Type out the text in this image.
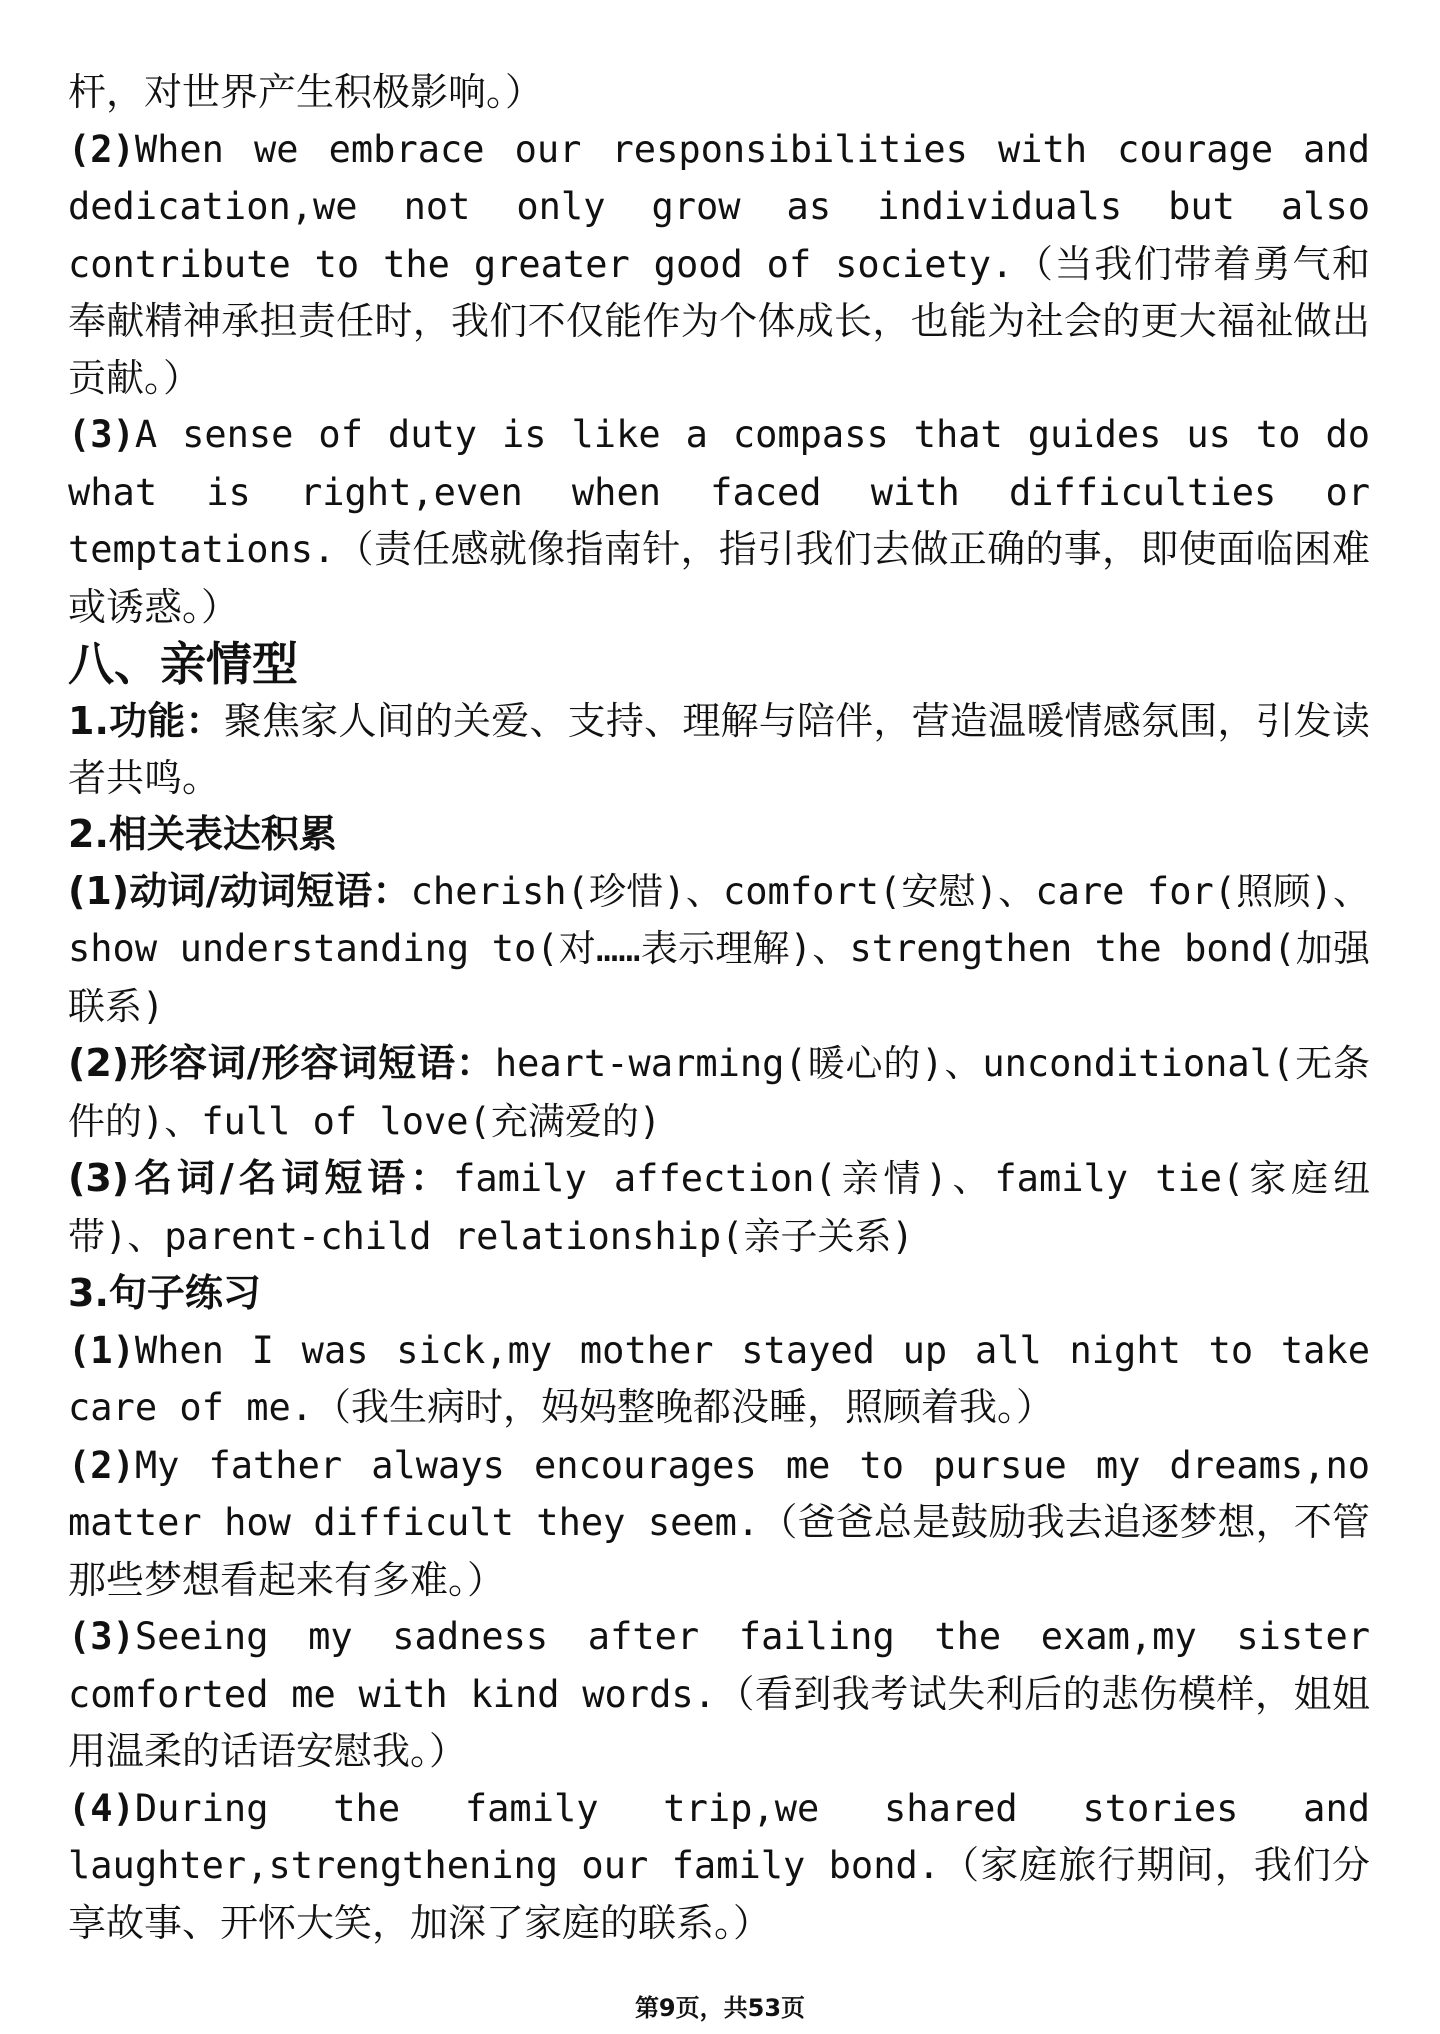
杆，对世界产生积极影响。）

(2)When we embrace our responsibilities with courage and dedication,we not only grow as individuals but also contribute to the greater good of society.（当我们带着勇气和奉献精神承担责任时，我们不仅能作为个体成长，也能为社会的更大福祉做出贡献。）

(3)A sense of duty is like a compass that guides us to do what is right,even when faced with difficulties or temptations.（责任感就像指南针，指引我们去做正确的事，即使面临困难或诱惑。）

八、亲情型

1.功能：聚焦家人间的关爱、支持、理解与陪伴，营造温暖情感氛围，引发读者共鸣。

2.相关表达积累

(1)动词/动词短语：cherish(珍惜)、comfort(安慰)、care for(照顾)、show understanding to(对……表示理解)、strengthen the bond(加强联系)

(2)形容词/形容词短语：heart-warming(暖心的)、unconditional(无条件的)、full of love(充满爱的)

(3)名词/名词短语：family affection(亲情)、family tie(家庭纽带)、parent-child relationship(亲子关系)

3.句子练习

(1)When I was sick,my mother stayed up all night to take care of me.（我生病时，妈妈整晚都没睡，照顾着我。）

(2)My father always encourages me to pursue my dreams,no matter how difficult they seem.（爸爸总是鼓励我去追逐梦想，不管那些梦想看起来有多难。）

(3)Seeing my sadness after failing the exam,my sister comforted me with kind words.（看到我考试失利后的悲伤模样，姐姐用温柔的话语安慰我。）

(4)During the family trip,we shared stories and laughter,strengthening our family bond.（家庭旅行期间，我们分享故事、开怀大笑，加深了家庭的联系。）

第9页，共53页
